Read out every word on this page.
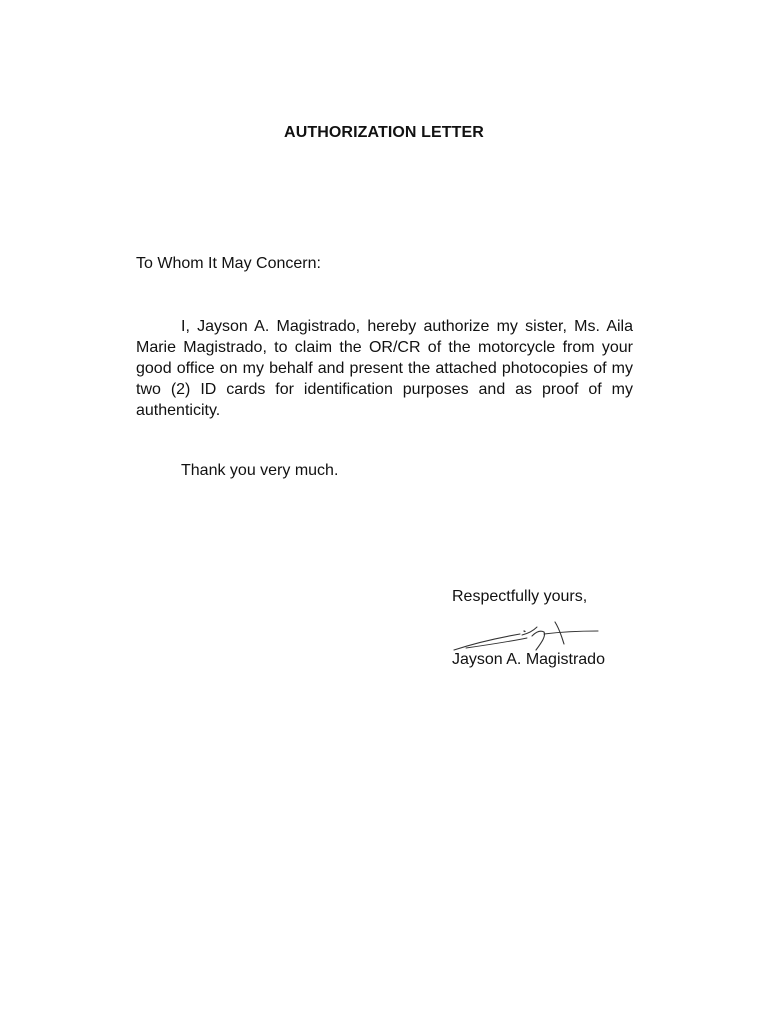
AUTHORIZATION LETTER
To Whom It May Concern:
I, Jayson A. Magistrado, hereby authorize my sister, Ms. Aila Marie Magistrado, to claim the OR/CR of the motorcycle from your good office on my behalf and present the attached photocopies of my two (2) ID cards for identification purposes and as proof of my authenticity.
Thank you very much.
Respectfully yours,
Jayson A. Magistrado
